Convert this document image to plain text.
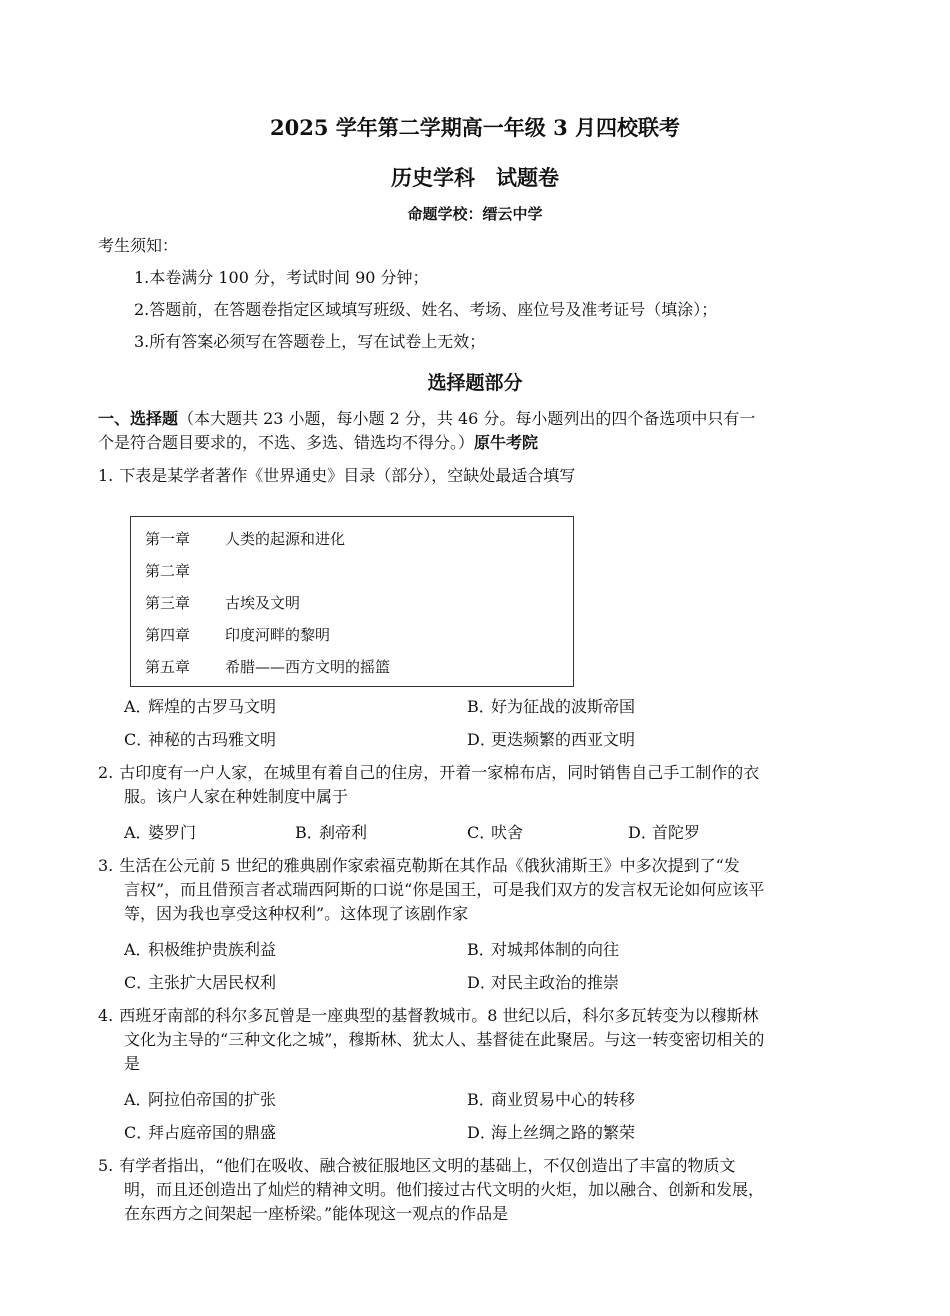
2025 学年第二学期高一年级 3 月四校联考
历史学科　试题卷
命题学校：缙云中学
考生须知：
1.本卷满分 100 分，考试时间 90 分钟；
2.答题前，在答题卷指定区域填写班级、姓名、考场、座位号及准考证号（填涂）；
3.所有答案必须写在答题卷上，写在试卷上无效；
选择题部分
一、选择题（本大题共 23 小题，每小题 2 分，共 46 分。每小题列出的四个备选项中只有一
个是符合题目要求的，不选、多选、错选均不得分。）原牛考院
1. 下表是某学者著作《世界通史》目录（部分），空缺处最适合填写
第一章 人类的起源和进化
第二章
第三章 古埃及文明
第四章 印度河畔的黎明
第五章 希腊——西方文明的摇篮
A．辉煌的古罗马文明	B．好为征战的波斯帝国
C．神秘的古玛雅文明	D．更迭频繁的西亚文明
2. 古印度有一户人家，在城里有着自己的住房，开着一家棉布店，同时销售自己手工制作的衣
服。该户人家在种姓制度中属于
A．婆罗门	B．刹帝利	C．吠舍	D．首陀罗
3. 生活在公元前 5 世纪的雅典剧作家索福克勒斯在其作品《俄狄浦斯王》中多次提到了“发
言权”，而且借预言者忒瑞西阿斯的口说“你是国王，可是我们双方的发言权无论如何应该平
等，因为我也享受这种权利”。这体现了该剧作家
A．积极维护贵族利益	B．对城邦体制的向往
C．主张扩大居民权利	D．对民主政治的推崇
4. 西班牙南部的科尔多瓦曾是一座典型的基督教城市。8 世纪以后，科尔多瓦转变为以穆斯林
文化为主导的“三种文化之城”，穆斯林、犹太人、基督徒在此聚居。与这一转变密切相关的
是
A．阿拉伯帝国的扩张	B．商业贸易中心的转移
C．拜占庭帝国的鼎盛	D．海上丝绸之路的繁荣
5. 有学者指出，“他们在吸收、融合被征服地区文明的基础上，不仅创造出了丰富的物质文
明，而且还创造出了灿烂的精神文明。他们接过古代文明的火炬，加以融合、创新和发展，
在东西方之间架起一座桥梁。”能体现这一观点的作品是
